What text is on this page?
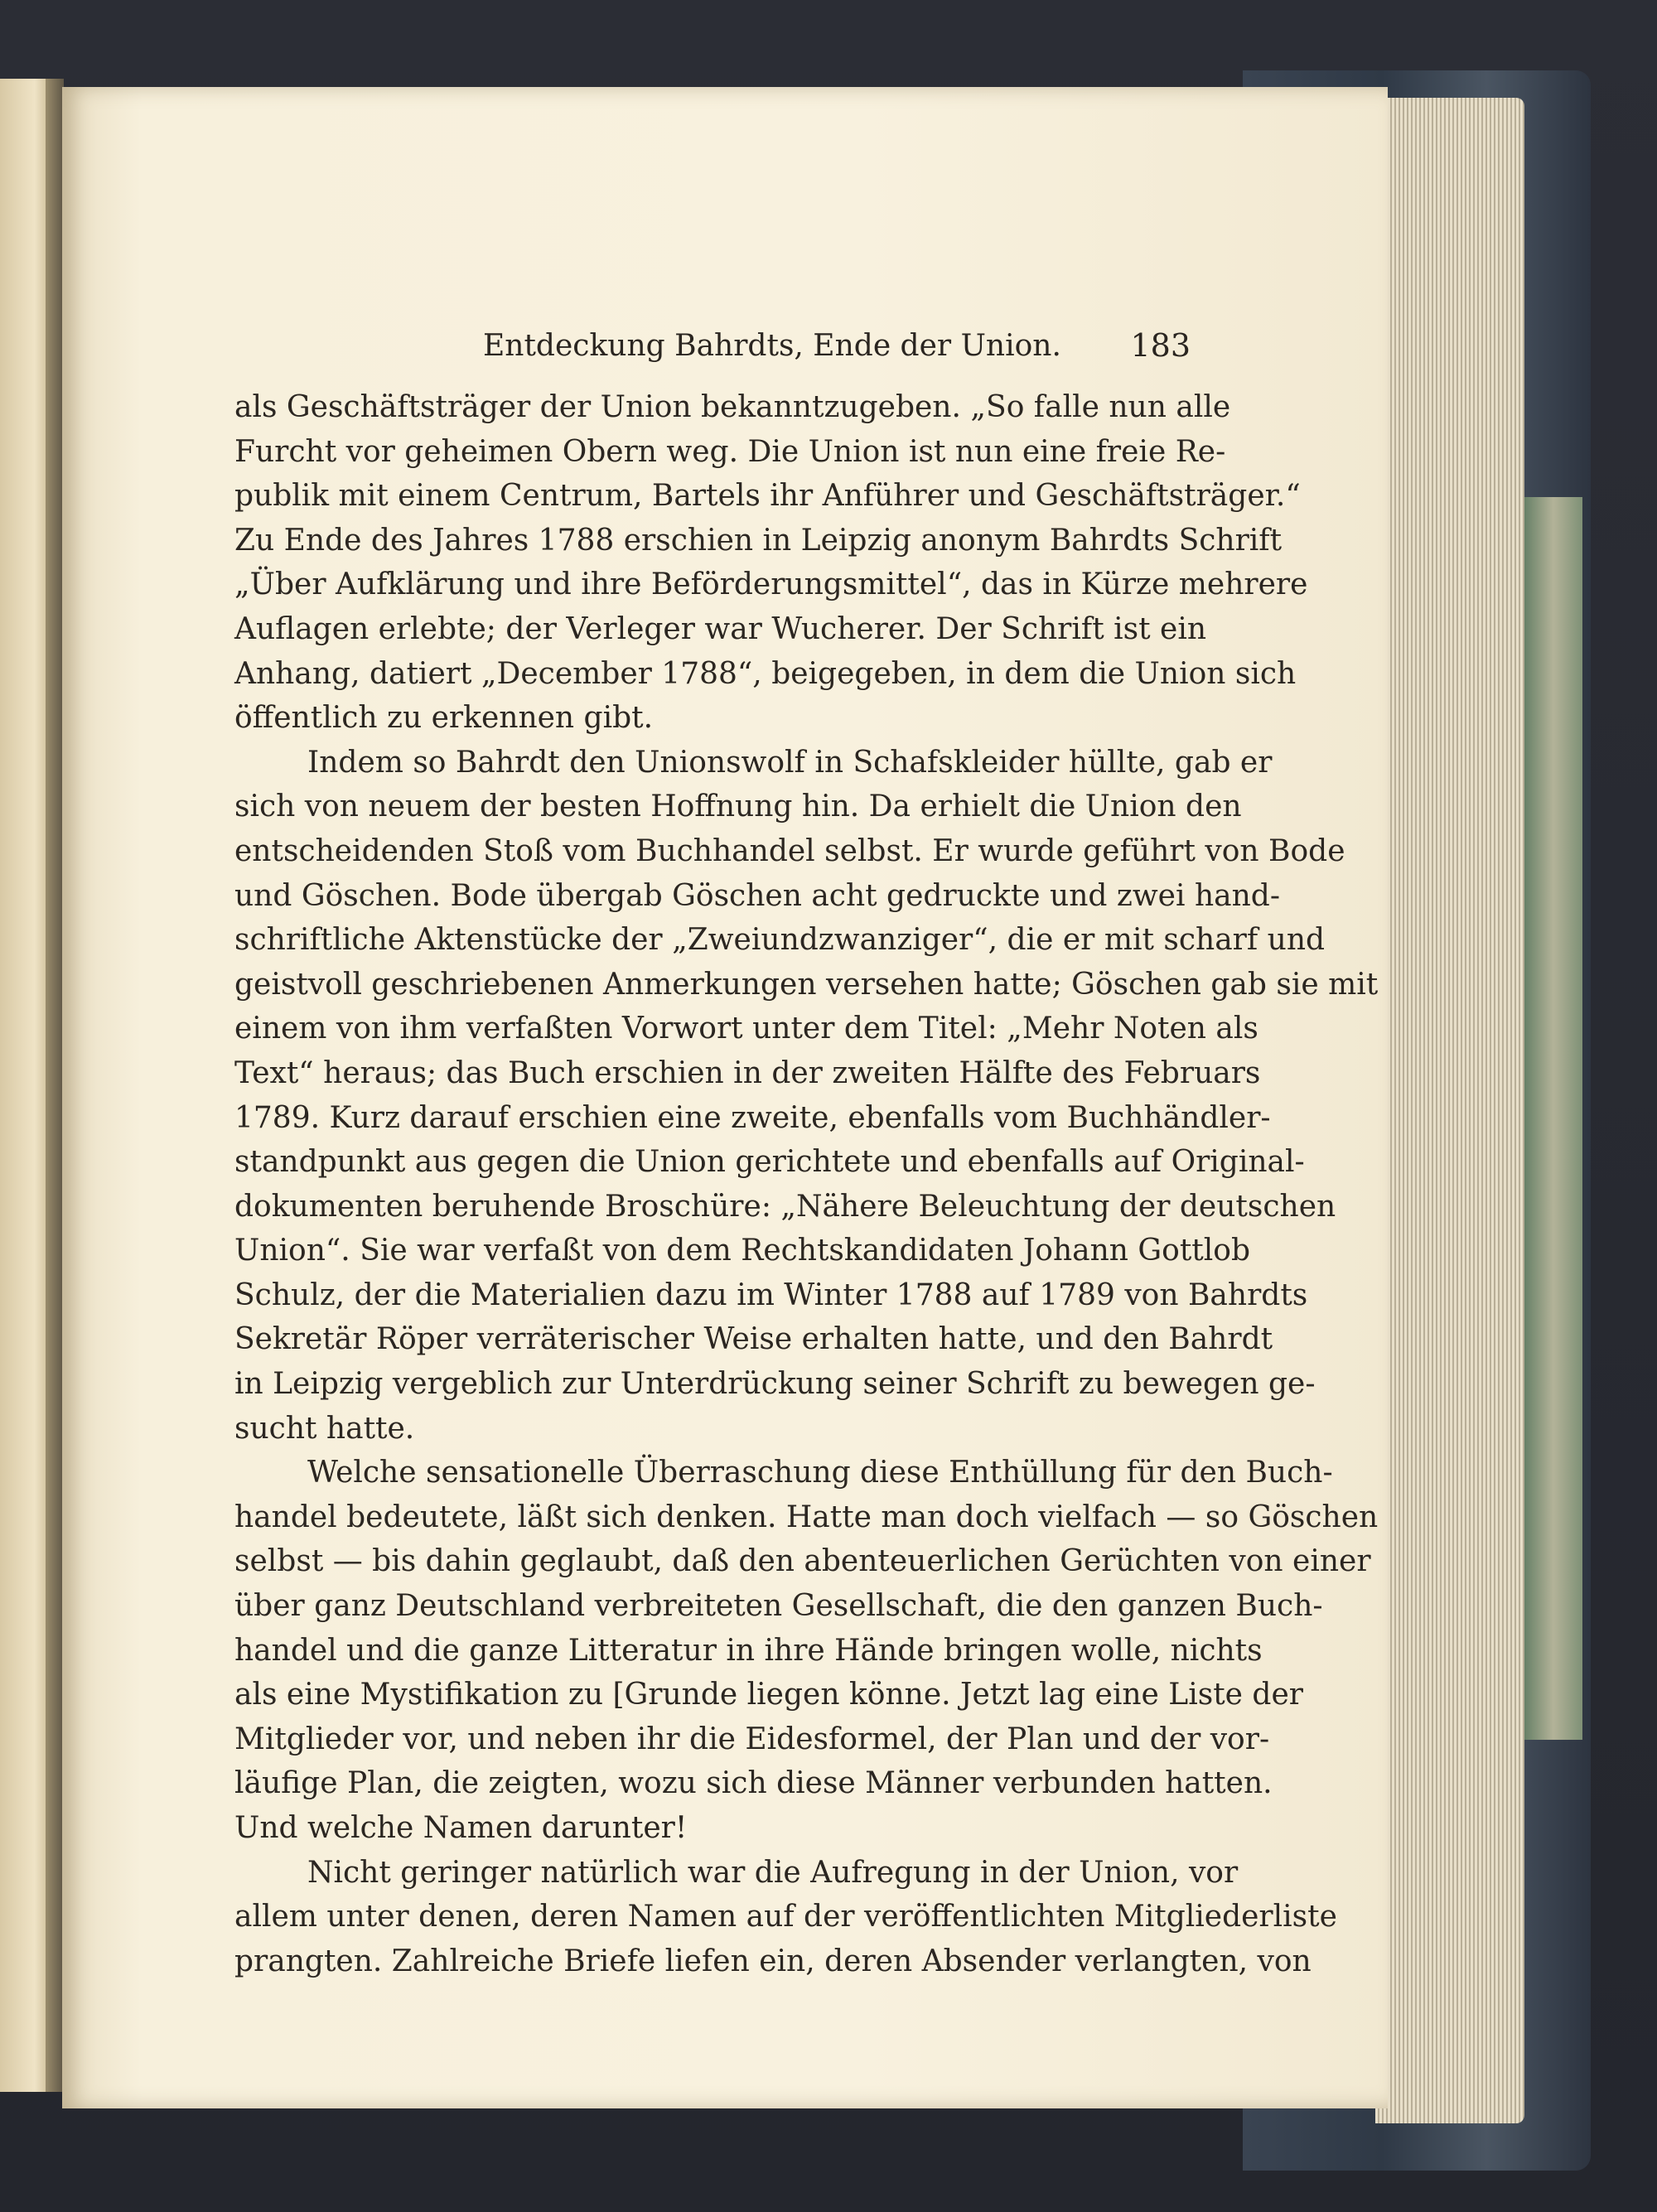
Entdeckung Bahrdts, Ende der Union.	183
als Geschäftsträger der Union bekanntzugeben. „So falle nun alle
Furcht vor geheimen Obern weg. Die Union ist nun eine freie Re-
publik mit einem Centrum, Bartels ihr Anführer und Geschäftsträger.“
Zu Ende des Jahres 1788 erschien in Leipzig anonym Bahrdts Schrift
„Über Aufklärung und ihre Beförderungsmittel“, das in Kürze mehrere
Auflagen erlebte; der Verleger war Wucherer. Der Schrift ist ein
Anhang, datiert „December 1788“, beigegeben, in dem die Union sich
öffentlich zu erkennen gibt.
Indem so Bahrdt den Unionswolf in Schafskleider hüllte, gab er
sich von neuem der besten Hoffnung hin. Da erhielt die Union den
entscheidenden Stoß vom Buchhandel selbst. Er wurde geführt von Bode
und Göschen. Bode übergab Göschen acht gedruckte und zwei hand-
schriftliche Aktenstücke der „Zweiundzwanziger“, die er mit scharf und
geistvoll geschriebenen Anmerkungen versehen hatte; Göschen gab sie mit
einem von ihm verfaßten Vorwort unter dem Titel: „Mehr Noten als
Text“ heraus; das Buch erschien in der zweiten Hälfte des Februars
1789. Kurz darauf erschien eine zweite, ebenfalls vom Buchhändler-
standpunkt aus gegen die Union gerichtete und ebenfalls auf Original-
dokumenten beruhende Broschüre: „Nähere Beleuchtung der deutschen
Union“. Sie war verfaßt von dem Rechtskandidaten Johann Gottlob
Schulz, der die Materialien dazu im Winter 1788 auf 1789 von Bahrdts
Sekretär Röper verräterischer Weise erhalten hatte, und den Bahrdt
in Leipzig vergeblich zur Unterdrückung seiner Schrift zu bewegen ge-
sucht hatte.
Welche sensationelle Überraschung diese Enthüllung für den Buch-
handel bedeutete, läßt sich denken. Hatte man doch vielfach — so Göschen
selbst — bis dahin geglaubt, daß den abenteuerlichen Gerüchten von einer
über ganz Deutschland verbreiteten Gesellschaft, die den ganzen Buch-
handel und die ganze Litteratur in ihre Hände bringen wolle, nichts
als eine Mystifikation zu [Grunde liegen könne. Jetzt lag eine Liste der
Mitglieder vor, und neben ihr die Eidesformel, der Plan und der vor-
läufige Plan, die zeigten, wozu sich diese Männer verbunden hatten.
Und welche Namen darunter!
Nicht geringer natürlich war die Aufregung in der Union, vor
allem unter denen, deren Namen auf der veröffentlichten Mitgliederliste
prangten. Zahlreiche Briefe liefen ein, deren Absender verlangten, von
